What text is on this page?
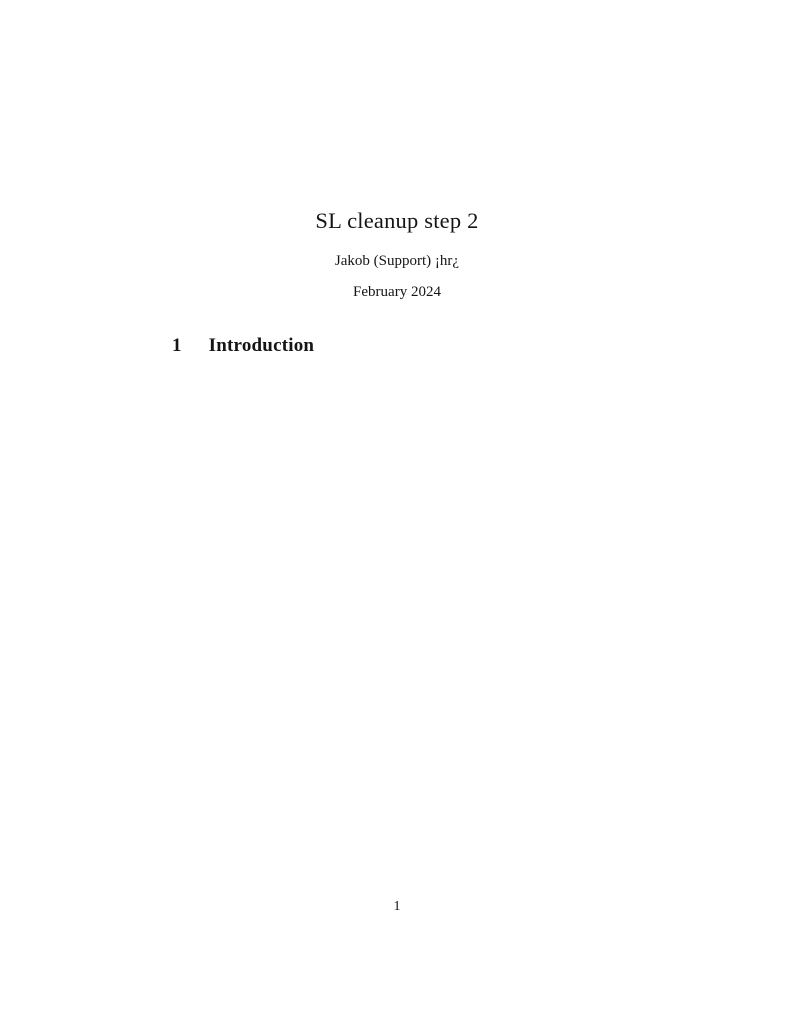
SL cleanup step 2
Jakob (Support) ¡hr¿
February 2024
1 Introduction
1
